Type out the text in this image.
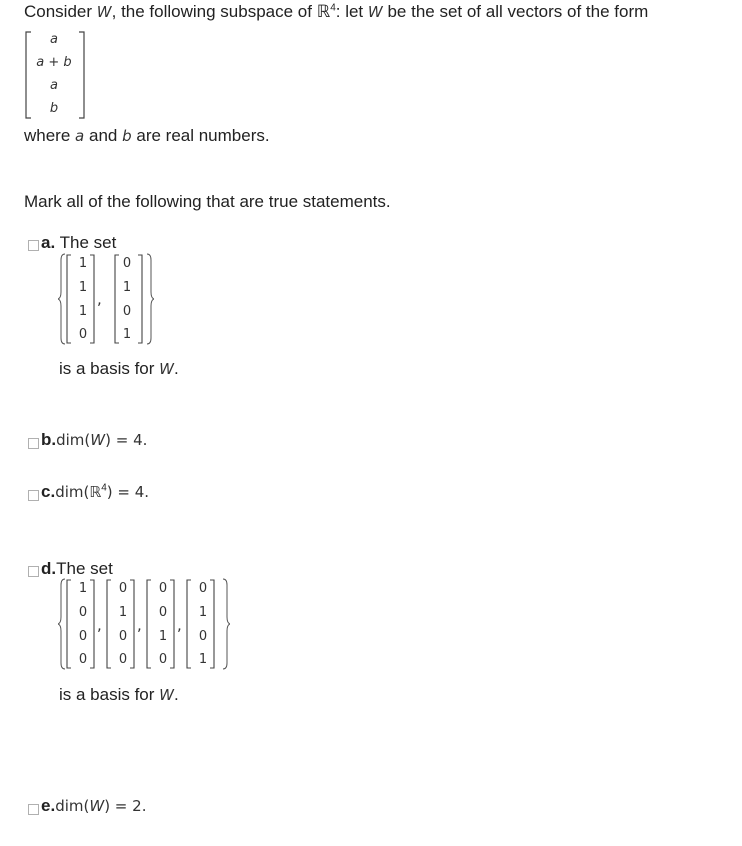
Consider W, the following subspace of ℝ$^4$: let W be the set of all vectors of the form
a
a + b
a
b
where a and b are real numbers.
Mark all of the following that are true statements.
a. The set
1
1
1
0
,
0
1
0
1
is a basis for W.
b.dim(W) = 4.
c.dim(ℝ$^4$) = 4.
d.The set
1
0
0
0
,
0
1
0
0
,
0
0
1
0
,
0
1
0
1
is a basis for W.
e.dim(W) = 2.
